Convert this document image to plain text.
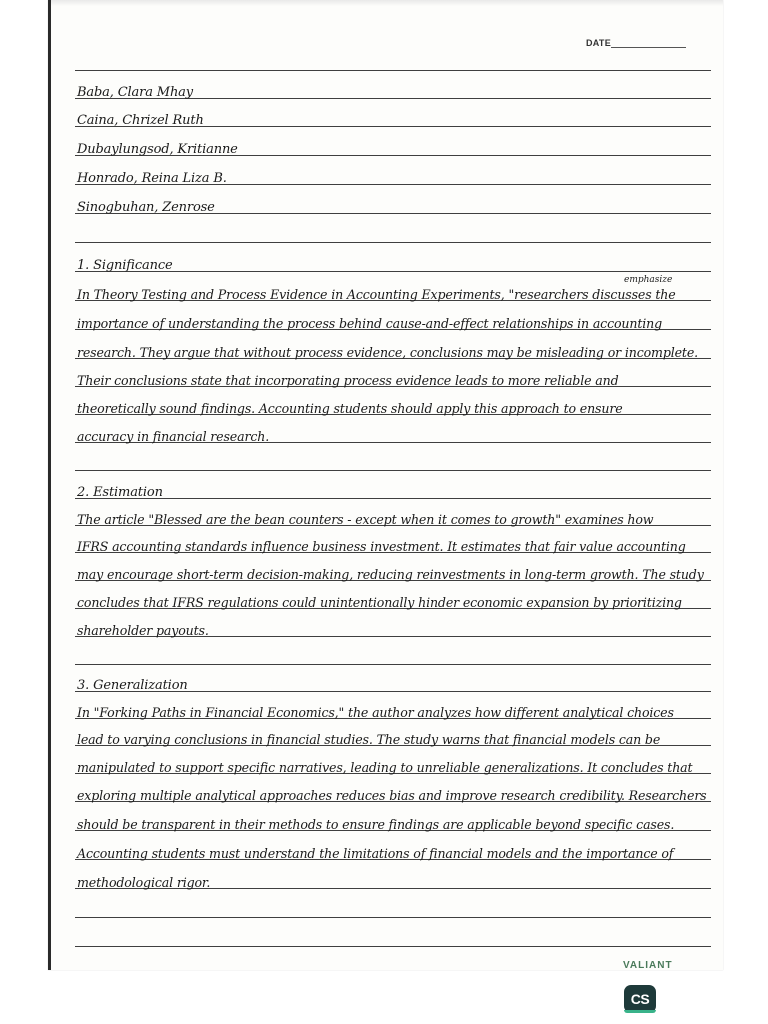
DATE
Baba, Clara Mhay
Caina, Chrizel Ruth
Dubaylungsod, Kritianne
Honrado, Reina Liza B.
Sinogbuhan, Zenrose
1. Significance
emphasize
In Theory Testing and Process Evidence in Accounting Experiments, "researchers discusses the
importance of understanding the process behind cause-and-effect relationships in accounting
research. They argue that without process evidence, conclusions may be misleading or incomplete.
Their conclusions state that incorporating process evidence leads to more reliable and
theoretically sound findings. Accounting students should apply this approach to ensure
accuracy in financial research.
2. Estimation
The article "Blessed are the bean counters - except when it comes to growth" examines how
IFRS accounting standards influence business investment. It estimates that fair value accounting
may encourage short-term decision-making, reducing reinvestments in long-term growth. The study
concludes that IFRS regulations could unintentionally hinder economic expansion by prioritizing
shareholder payouts.
3. Generalization
In "Forking Paths in Financial Economics," the author analyzes how different analytical choices
lead to varying conclusions in financial studies. The study warns that financial models can be
manipulated to support specific narratives, leading to unreliable generalizations. It concludes that
exploring multiple analytical approaches reduces bias and improve research credibility. Researchers
should be transparent in their methods to ensure findings are applicable beyond specific cases.
Accounting students must understand the limitations of financial models and the importance of
methodological rigor.
VALIANT
CS
